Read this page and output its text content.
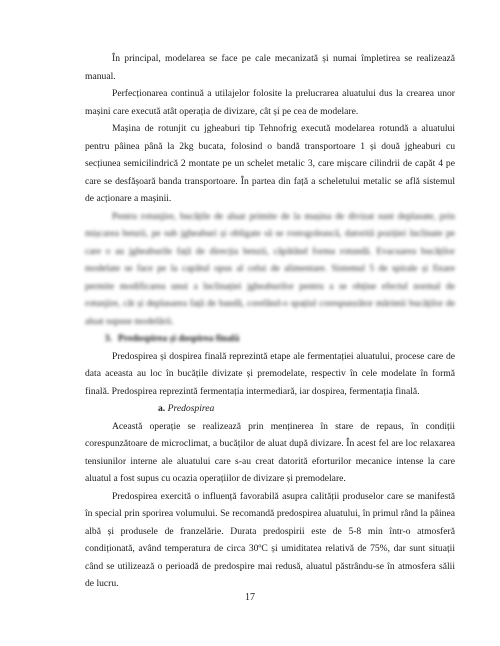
În principal, modelarea se face pe cale mecanizată și numai împletirea se realizează manual.

Perfecționarea continuă a utilajelor folosite la prelucrarea aluatului dus la crearea unor mașini care execută atât operația de divizare, cât și pe cea de modelare.

Mașina de rotunjit cu jgheaburi tip Tehnofrig execută modelarea rotundă a aluatului pentru pâinea până la 2kg bucata, folosind o bandă transportoare 1 și două jgheaburi cu secțiunea semicilindrică 2 montate pe un schelet metalic 3, care mișcare cilindrii de capăt 4 pe care se desfășoară banda transportoare. În partea din față a scheletului metalic se află sistemul de acționare a mașinii.

Pentru rotunjire, bucățile de aluat primite de la mașina de divizat sunt deplasate, prin mișcarea benzii, pe sub jgheaburi și obligate să se rostogolească, datorită poziției înclinate pe care o au jgheaburile față de direcția benzii, căpătând forma rotundă. Evacuarea bucăților modelate se face pe la capătul opus al celui de alimentare. Sistemul 5 de spirale și fixare permite modificarea unui a înclinației jgheaburilor pentru a se obține efectul normal de rotunjire, cât și deplasarea față de bandă, corelând-o spațiul corespunzător mărimii bucăților de aluat supuse modelării.

3. Predospirea și dospirea finală

Predospirea și dospirea finală reprezintă etape ale fermentației aluatului, procese care de data aceasta au loc în bucățile divizate și premodelate, respectiv în cele modelate în formă finală. Predospirea reprezintă fermentația intermediară, iar dospirea, fermentația finală.

a. Predospirea

Această operație se realizează prin menținerea în stare de repaus, în condiții corespunzătoare de microclimat, a bucăților de aluat după divizare. În acest fel are loc relaxarea tensiunilor interne ale aluatului care s-au creat datorită eforturilor mecanice intense la care aluatul a fost supus cu ocazia operațiilor de divizare și premodelare.

Predospirea exercită o influență favorabilă asupra calității produselor care se manifestă în special prin sporirea volumului. Se recomandă predospirea aluatului, în primul rând la pâinea albă și produsele de franzelărie. Durata predospirii este de 5-8 min într-o atmosferă condiționată, având temperatura de circa 30ºC și umiditatea relativă de 75%, dar sunt situații când se utilizează o perioadă de predospire mai redusă, aluatul păstrându-se în atmosfera sălii de lucru.

17
